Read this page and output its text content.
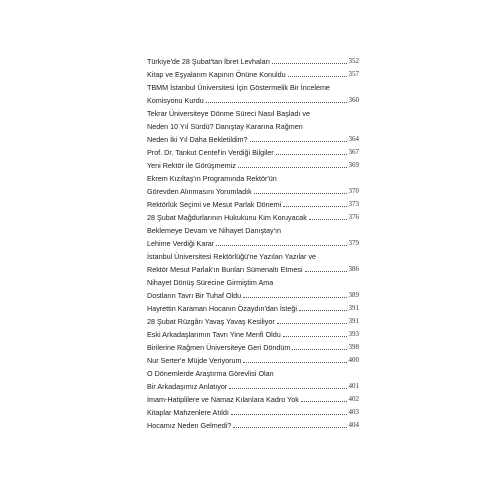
Türkiye'de 28 Şubat'tan İbret Levhaları	352
Kitap ve Eşyalarım Kapının Önüne Konuldu	357
TBMM İstanbul Üniversitesi İçin Göstermelik Bir İnceleme
Komisyonu Kurdu	360
Tekrar Üniversiteye Dönme Süreci Nasıl Başladı ve
Neden 10 Yıl Sürdü? Danıştay Kararına Rağmen
Neden İki Yıl Daha Bekletildim?	364
Prof. Dr. Tankut Centel'in Verdiği Bilgiler	367
Yeni Rektör ile Görüşmemiz	369
Ekrem Kızıltaş'ın Programında Rektör'ün
Görevden Alınmasını Yorumladık	370
Rektörlük Seçimi ve Mesut Parlak Dönemi	373
28 Şubat Mağdurlarının Hukukunu Kim Koruyacak	376
Beklemeye Devam ve Nihayet Danıştay'ın
Lehime Verdiği Karar	379
İstanbul Üniversitesi Rektörlüğü'ne Yazılan Yazılar ve
Rektör Mesut Parlak'ın Bunları Sümenaltı Etmesi	386
Nihayet Dönüş Sürecine Girmiştim Ama
Dostların Tavrı Bir Tuhaf Oldu	389
Hayrettin Karaman Hocanın Özaydın'dan İsteği	391
28 Şubat Rüzgârı Yavaş Yavaş Kesiliyor	391
Eski Arkadaşlarımın Tavrı Yine Menfi Oldu	393
Birilerine Rağmen Üniversiteye Geri Döndüm	398
Nur Serter'e Müjde Veriyorum	400
O Dönemlerde Araştırma Görevlisi Olan
Bir Arkadaşımız Anlatıyor	401
İmam-Hatiplilere ve Namaz Kılanlara Kadro Yok	402
Kitaplar Mahzenlere Atıldı	403
Hocamız Neden Gelmedi?	404
